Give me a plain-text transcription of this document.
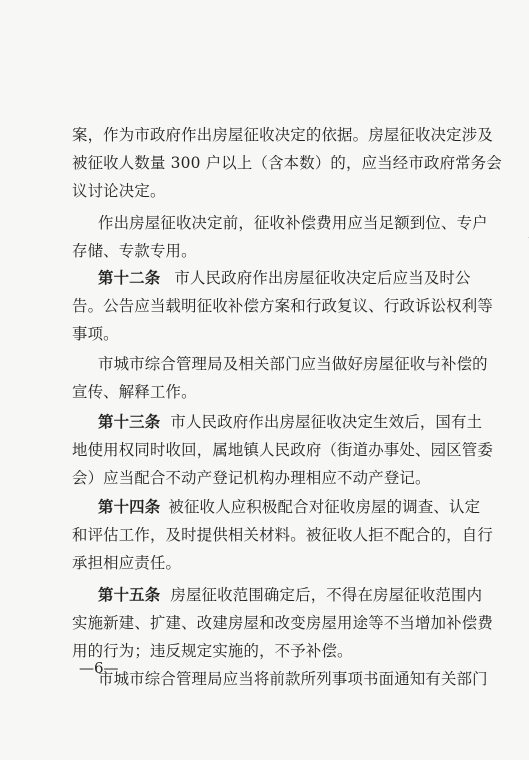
案，作为市政府作出房屋征收决定的依据。房屋征收决定涉及
被征收人数量 300 户以上（含本数）的，应当经市政府常务会
议讨论决定。
作出房屋征收决定前，征收补偿费用应当足额到位、专户
存储、专款专用。
第十二条 市人民政府作出房屋征收决定后应当及时公
告。公告应当载明征收补偿方案和行政复议、行政诉讼权利等
事项。
市城市综合管理局及相关部门应当做好房屋征收与补偿的
宣传、解释工作。
第十三条 市人民政府作出房屋征收决定生效后，国有土
地使用权同时收回，属地镇人民政府（街道办事处、园区管委
会）应当配合不动产登记机构办理相应不动产登记。
第十四条 被征收人应积极配合对征收房屋的调查、认定
和评估工作，及时提供相关材料。被征收人拒不配合的，自行
承担相应责任。
第十五条 房屋征收范围确定后，不得在房屋征收范围内
实施新建、扩建、改建房屋和改变房屋用途等不当增加补偿费
用的行为；违反规定实施的，不予补偿。
市城市综合管理局应当将前款所列事项书面通知有关部门
—6—
